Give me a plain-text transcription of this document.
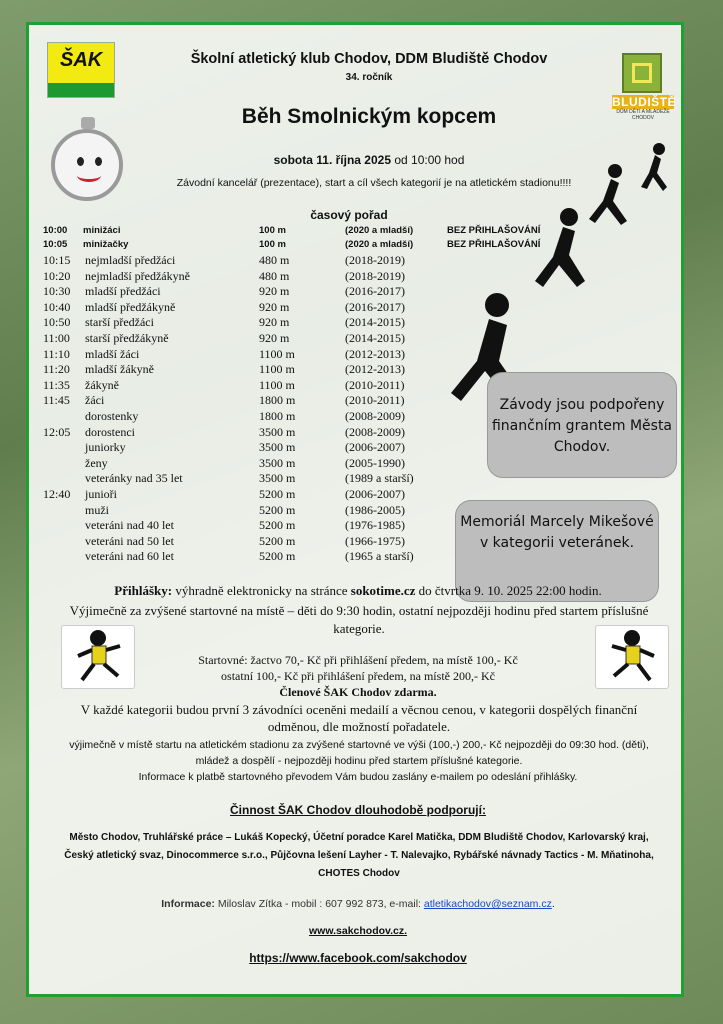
ŠAK
BLUDIŠTĚ
DŮM DĚTÍ A MLÁDEŽE CHODOV
Školní atletický klub Chodov, DDM Bludiště Chodov
34. ročník
Běh Smolnickým kopcem
sobota 11. října 2025 od 10:00 hod
Závodní kancelář (prezentace), start a cíl všech kategorií je na atletickém stadionu!!!!
časový pořad
10:00 minižáci	100 m	(2020 a mladší)	BEZ PŘIHLAŠOVÁNÍ
10:05 minižačky	100 m	(2020 a mladší)	BEZ PŘIHLAŠOVÁNÍ
10:15 nejmladší předžáci	480 m	(2018-2019)
10:20 nejmladší předžákyně	480 m	(2018-2019)
10:30 mladší předžáci	920 m	(2016-2017)
10:40 mladší předžákyně	920 m	(2016-2017)
10:50 starší předžáci	920 m	(2014-2015)
11:00 starší předžákyně	920 m	(2014-2015)
11:10 mladší žáci	1100 m	(2012-2013)
11:20 mladší žákyně	1100 m	(2012-2013)
11:35 žákyně	1100 m	(2010-2011)
11:45 žáci	1800 m	(2010-2011)
dorostenky	1800 m	(2008-2009)
12:05 dorostenci	3500 m	(2008-2009)
juniorky	3500 m	(2006-2007)
ženy	3500 m	(2005-1990)
veteránky nad 35 let	3500 m	(1989 a starší)
12:40 junioři	5200 m	(2006-2007)
muži	5200 m	(1986-2005)
veteráni nad 40 let	5200 m	(1976-1985)
veteráni nad 50 let	5200 m	(1966-1975)
veteráni nad 60 let	5200 m	(1965 a starší)
Závody jsou podpořeny finančním grantem Města Chodov.
Memoriál Marcely Mikešové v kategorii veteránek.
Přihlášky: výhradně elektronicky na stránce sokotime.cz do čtvrtka 9. 10. 2025 22:00 hodin.
Výjimečně za zvýšené startovné na místě – děti do 9:30 hodin, ostatní nejpozději hodinu před startem příslušné kategorie.
Startovné: žactvo 70,- Kč při přihlášení předem, na místě 100,- Kč
ostatní 100,- Kč při přihlášení předem, na místě 200,- Kč
Členové ŠAK Chodov zdarma.
V každé kategorii budou první 3 závodníci oceněni medailí a věcnou cenou, v kategorii dospělých finanční odměnou, dle možností pořadatele.
výjimečně v místě startu na atletickém stadionu za zvýšené startovné ve výši (100,-) 200,- Kč nejpozději do 09:30 hod. (děti), mládež a dospělí - nejpozději hodinu před startem příslušné kategorie.
Informace k platbě startovného převodem Vám budou zaslány e-mailem po odeslání přihlášky.
Činnost ŠAK Chodov dlouhodobě podporují:
Město Chodov, Truhlářské práce – Lukáš Kopecký, Účetní poradce Karel Matička, DDM Bludiště Chodov, Karlovarský kraj, Český atletický svaz, Dinocommerce s.r.o., Půjčovna lešení Layher - T. Nalevajko, Rybářské návnady Tactics - M. Mňatinoha, CHOTES Chodov
Informace: Miloslav Zítka - mobil : 607 992 873, e-mail: atletikachodov@seznam.cz.
www.sakchodov.cz.
https://www.facebook.com/sakchodov
